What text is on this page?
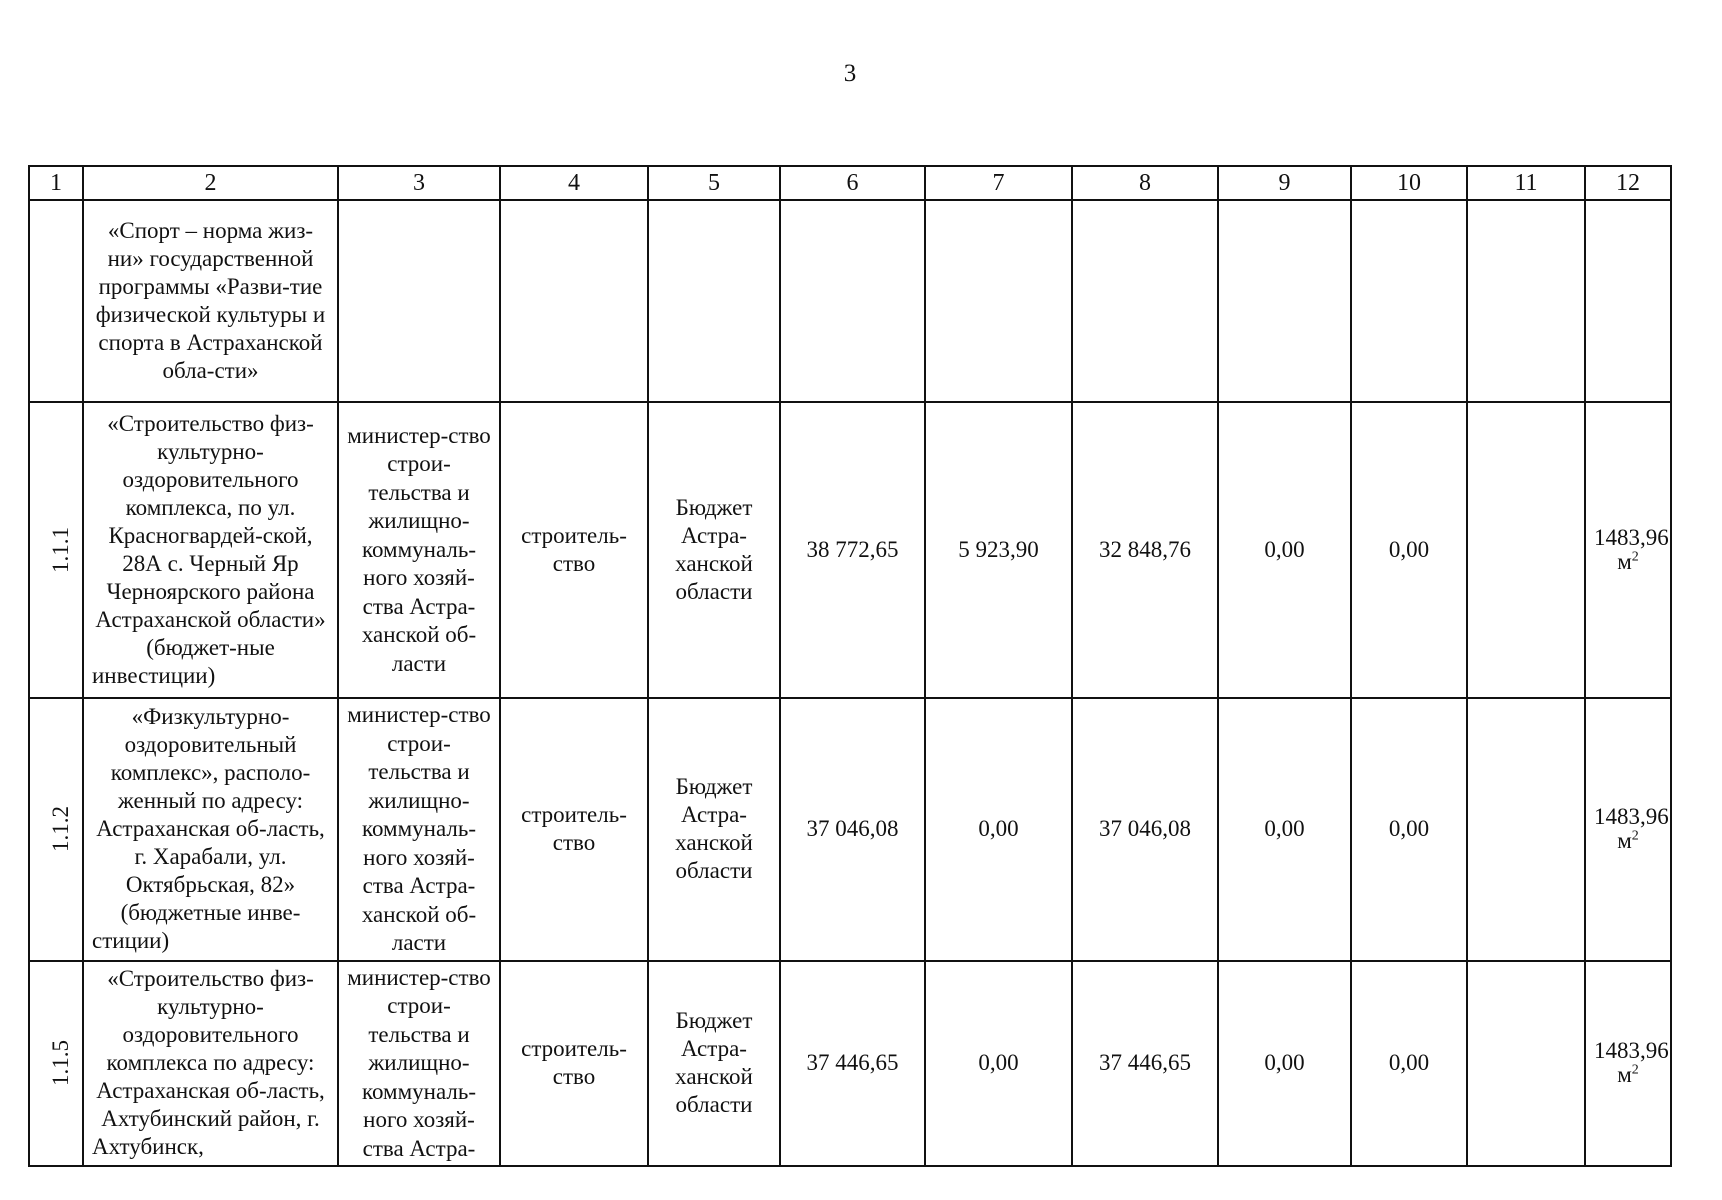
3
1	2	3	4	5	6	7	8	9	10	11	12
	«Спорт – норма жиз-ни» государственной программы «Разви-тие физической культуры и спорта в Астраханской обла-сти»										
1.1.1	«Строительство физ-культурно-оздоровительного комплекса, по ул. Красногвардей-ской, 28А с. Черный Яр Черноярского района Астраханской области» (бюджет-ные инвестиции)	министер-ство строи-тельства и жилищно-коммуналь-ного хозяй-ства Астра-ханской об-ласти	строитель-ство	Бюджет Астра-ханской области	38 772,65	5 923,90	32 848,76	0,00	0,00		1483,96
$м^2$

1.1.2	«Физкультурно-оздоровительный комплекс», располо-женный по адресу: Астраханская об-ласть, г. Харабали, ул. Октябрьская, 82» (бюджетные инве-стиции)	министер-ство строи-тельства и жилищно-коммуналь-ного хозяй-ства Астра-ханской об-ласти	строитель-ство	Бюджет Астра-ханской области	37 046,08	0,00	37 046,08	0,00	0,00		1483,96
$м^2$

1.1.5	«Строительство физ-культурно-оздоровительного комплекса по адресу: Астраханская об-ласть, Ахтубинский район, г. Ахтубинск,	министер-ство строи-тельства и жилищно-коммуналь-ного хозяй-ства Астра-	строитель-ство	Бюджет Астра-ханской области	37 446,65	0,00	37 446,65	0,00	0,00		1483,96
$м^2$
